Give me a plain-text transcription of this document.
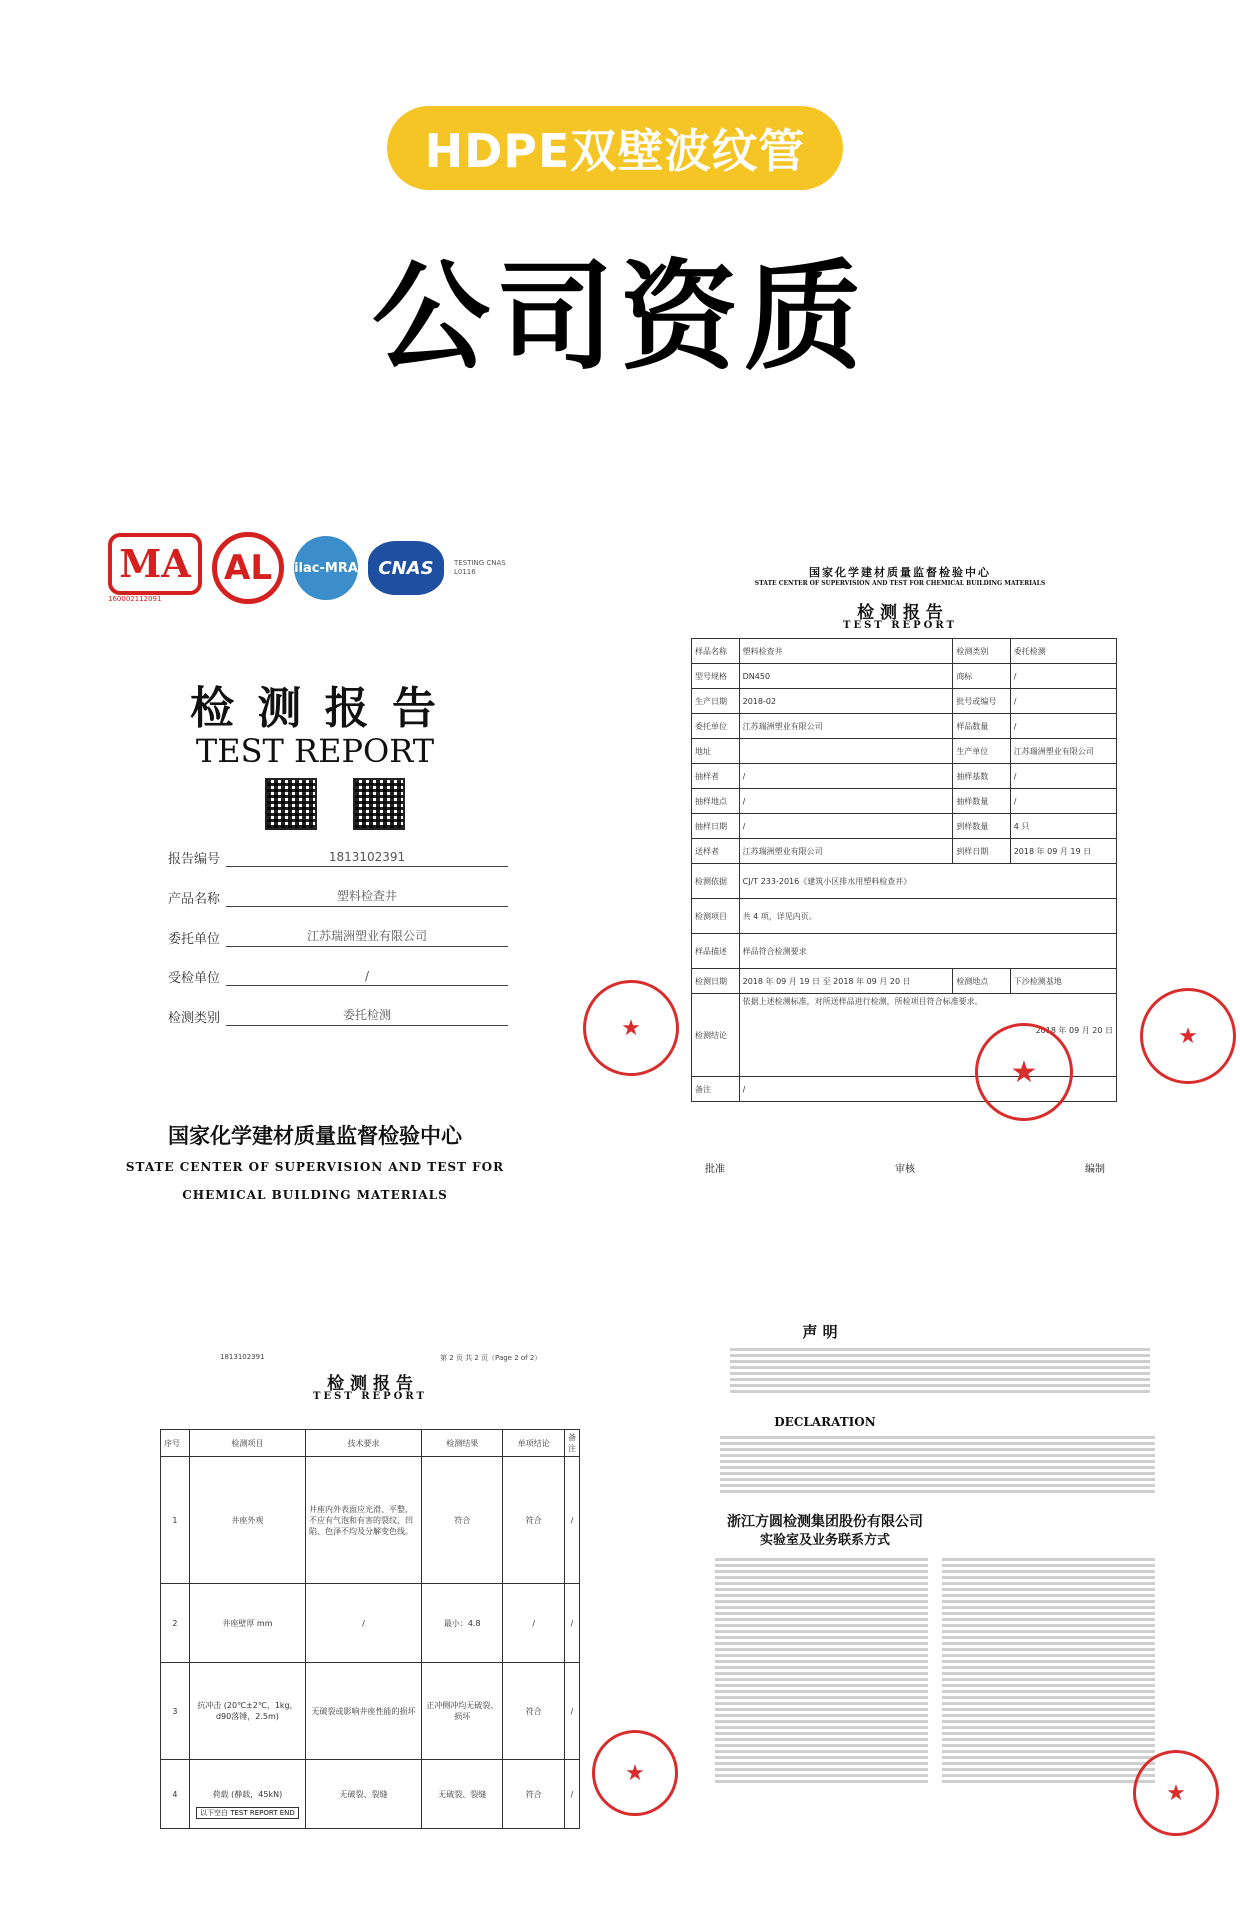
HDPE双壁波纹管
公司资质
MA
160002112091
AL	ilac-MRA	CNAS	TESTING CNAS L0116
检 测 报 告
TEST REPORT
报告编号	1813102391
产品名称	塑料检查井
委托单位	江苏瑞洲塑业有限公司
受检单位	/
检测类别	委托检测
国家化学建材质量监督检验中心
STATE CENTER OF SUPERVISION AND TEST FOR
CHEMICAL BUILDING MATERIALS
★
国家化学建材质量监督检验中心
STATE CENTER OF SUPERVISION AND TEST FOR CHEMICAL BUILDING MATERIALS
检 测 报 告
TEST REPORT
样品名称	塑料检查井	检测类别	委托检测
型号规格	DN450	商标	/
生产日期	2018-02	批号或编号	/
委托单位	江苏瑞洲塑业有限公司	样品数量	/
地址		生产单位	江苏瑞洲塑业有限公司
抽样者	/	抽样基数	/
抽样地点	/	抽样数量	/
抽样日期	/	到样数量	4 只
送样者	江苏瑞洲塑业有限公司	到样日期	2018 年 09 月 19 日
检测依据	CJ/T 233-2016《建筑小区排水用塑料检查井》		
检测项目	共 4 项，详见内页。		
样品描述	样品符合检测要求		
检测日期	2018 年 09 月 19 日 至 2018 年 09 月 20 日	检测地点	下沙检测基地
检测结论	依据上述检测标准，对所送样品进行检测，所检项目符合标准要求。

2018 年 09 月 20 日		

备注	/		
批准	审核	编制
★
★
1813102391	第 2 页 共 2 页（Page 2 of 2）
检 测 报 告
TEST REPORT
序号	检测项目	技术要求	检测结果	单项结论	备注
1	井座外观	井座内外表面应光滑、平整，不应有气泡和有害的裂纹、凹陷、色泽不均及分解变色线。	符合	符合	/
2	井座壁厚 mm	/	最小：4.8	/	/
3	抗冲击 (20℃±2℃，1kg，d90落锤，2.5m)	无破裂或影响井座性能的损坏	正冲侧冲均无破裂、损坏	符合	/
4	荷载 (静载，45kN)	无破裂、裂缝	无破裂、裂缝	符合	/
以下空白 TEST REPORT END
★
声 明
DECLARATION
浙江方圆检测集团股份有限公司
实验室及业务联系方式
★
